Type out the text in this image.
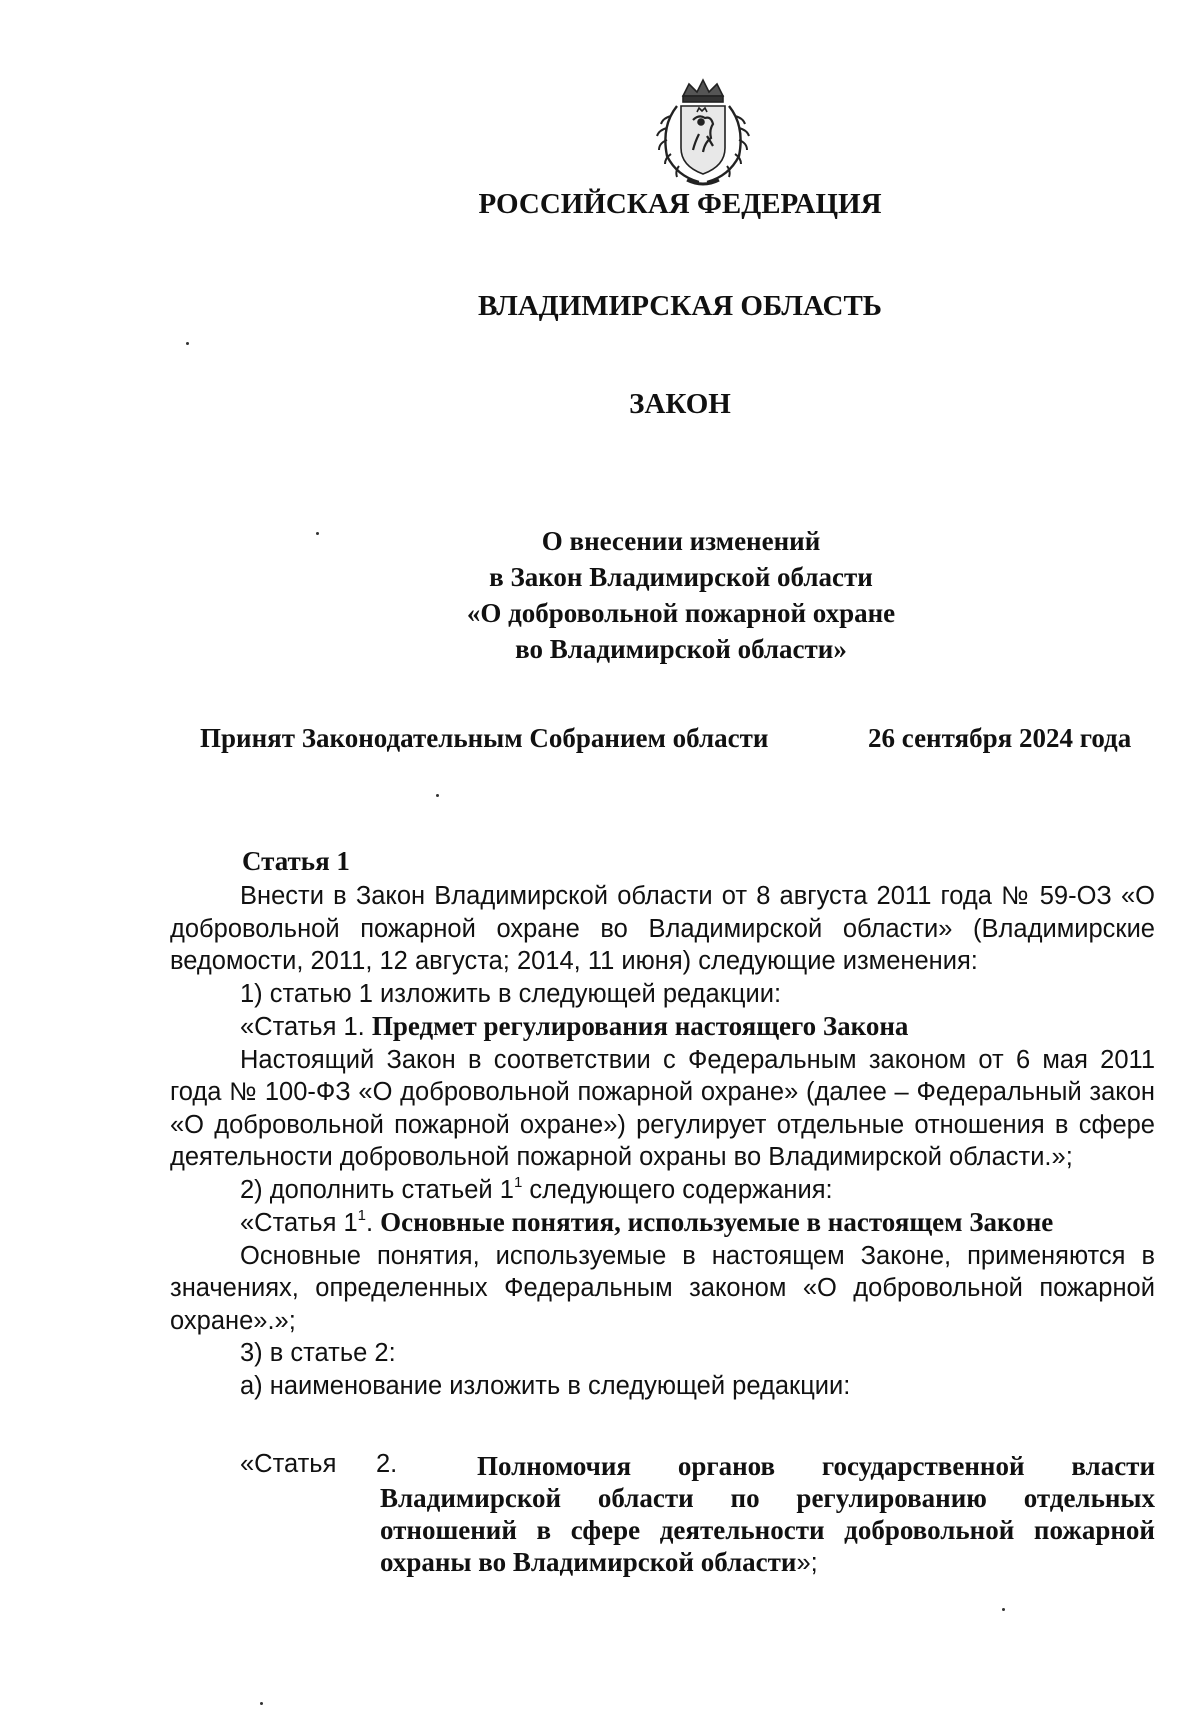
РОССИЙСКАЯ ФЕДЕРАЦИЯ
ВЛАДИМИРСКАЯ ОБЛАСТЬ
ЗАКОН
О внесении изменений
в Закон Владимирской области
«О добровольной пожарной охране
во Владимирской области»
Принят Законодательным Собранием области	26 сентября 2024 года
Статья 1

Внести в Закон Владимирской области от 8 августа 2011 года № 59-ОЗ «О добровольной пожарной охране во Владимирской области» (Владимирские ведомости, 2011, 12 августа; 2014, 11 июня) следующие изменения:

1) статью 1 изложить в следующей редакции:

«Статья 1. Предмет регулирования настоящего Закона

Настоящий Закон в соответствии с Федеральным законом от 6 мая 2011 года № 100-ФЗ «О добровольной пожарной охране» (далее – Федеральный закон «О добровольной пожарной охране») регулирует отдельные отношения в сфере деятельности добровольной пожарной охраны во Владимирской области.»;

2) дополнить статьей $1^1$ следующего содержания:

«Статья $1^1$. Основные понятия, используемые в настоящем Законе

Основные понятия, используемые в настоящем Законе, применяются в значениях, определенных Федеральным законом «О добровольной пожарной охране».»;

3) в статье 2:

а) наименование изложить в следующей редакции:

«Статья 2.	Полномочия органов государственной власти Владимирской области по регулированию отдельных отношений в сфере деятельности добровольной пожарной охраны во Владимирской области»;
